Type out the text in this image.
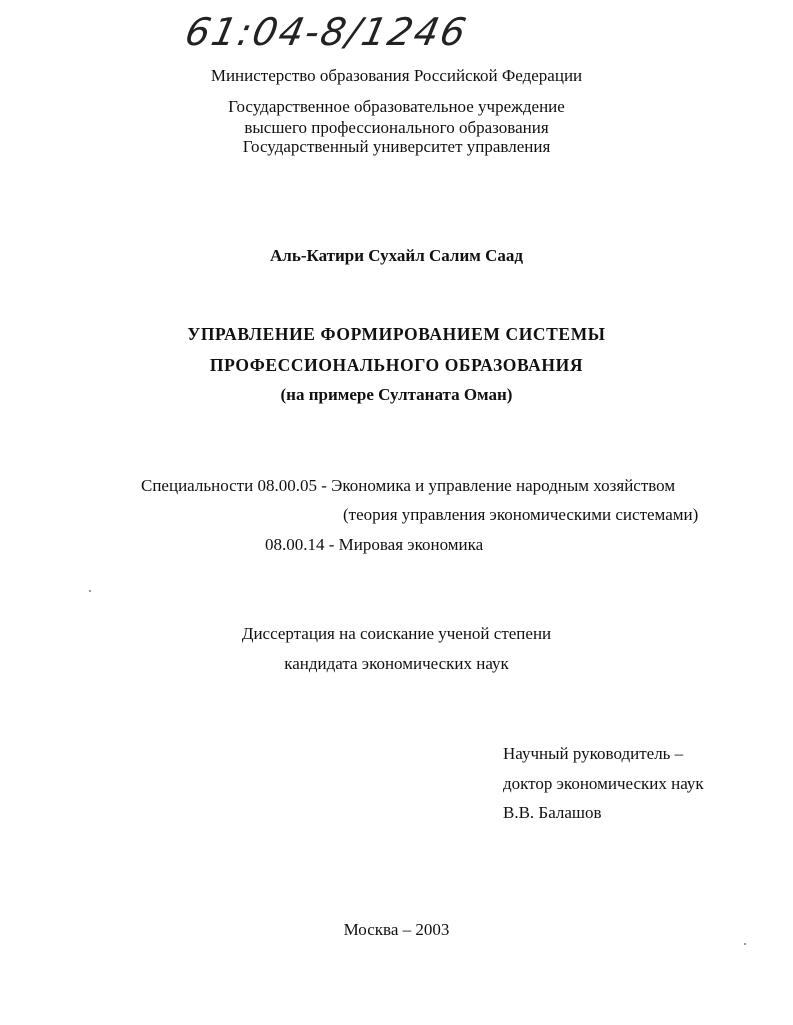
61:04-8/1246
Министерство образования Российской Федерации
Государственное образовательное учреждение
высшего профессионального образования
Государственный университет управления
Аль-Катири Сухайл Салим Саад
УПРАВЛЕНИЕ ФОРМИРОВАНИЕМ СИСТЕМЫ
ПРОФЕССИОНАЛЬНОГО ОБРАЗОВАНИЯ
(на примере Султаната Оман)
Специальности 08.00.05 - Экономика и управление народным хозяйством
(теория управления экономическими системами)
08.00.14 - Мировая экономика
Диссертация на соискание ученой степени
кандидата экономических наук
Научный руководитель –
доктор экономических наук
В.В. Балашов
Москва – 2003
